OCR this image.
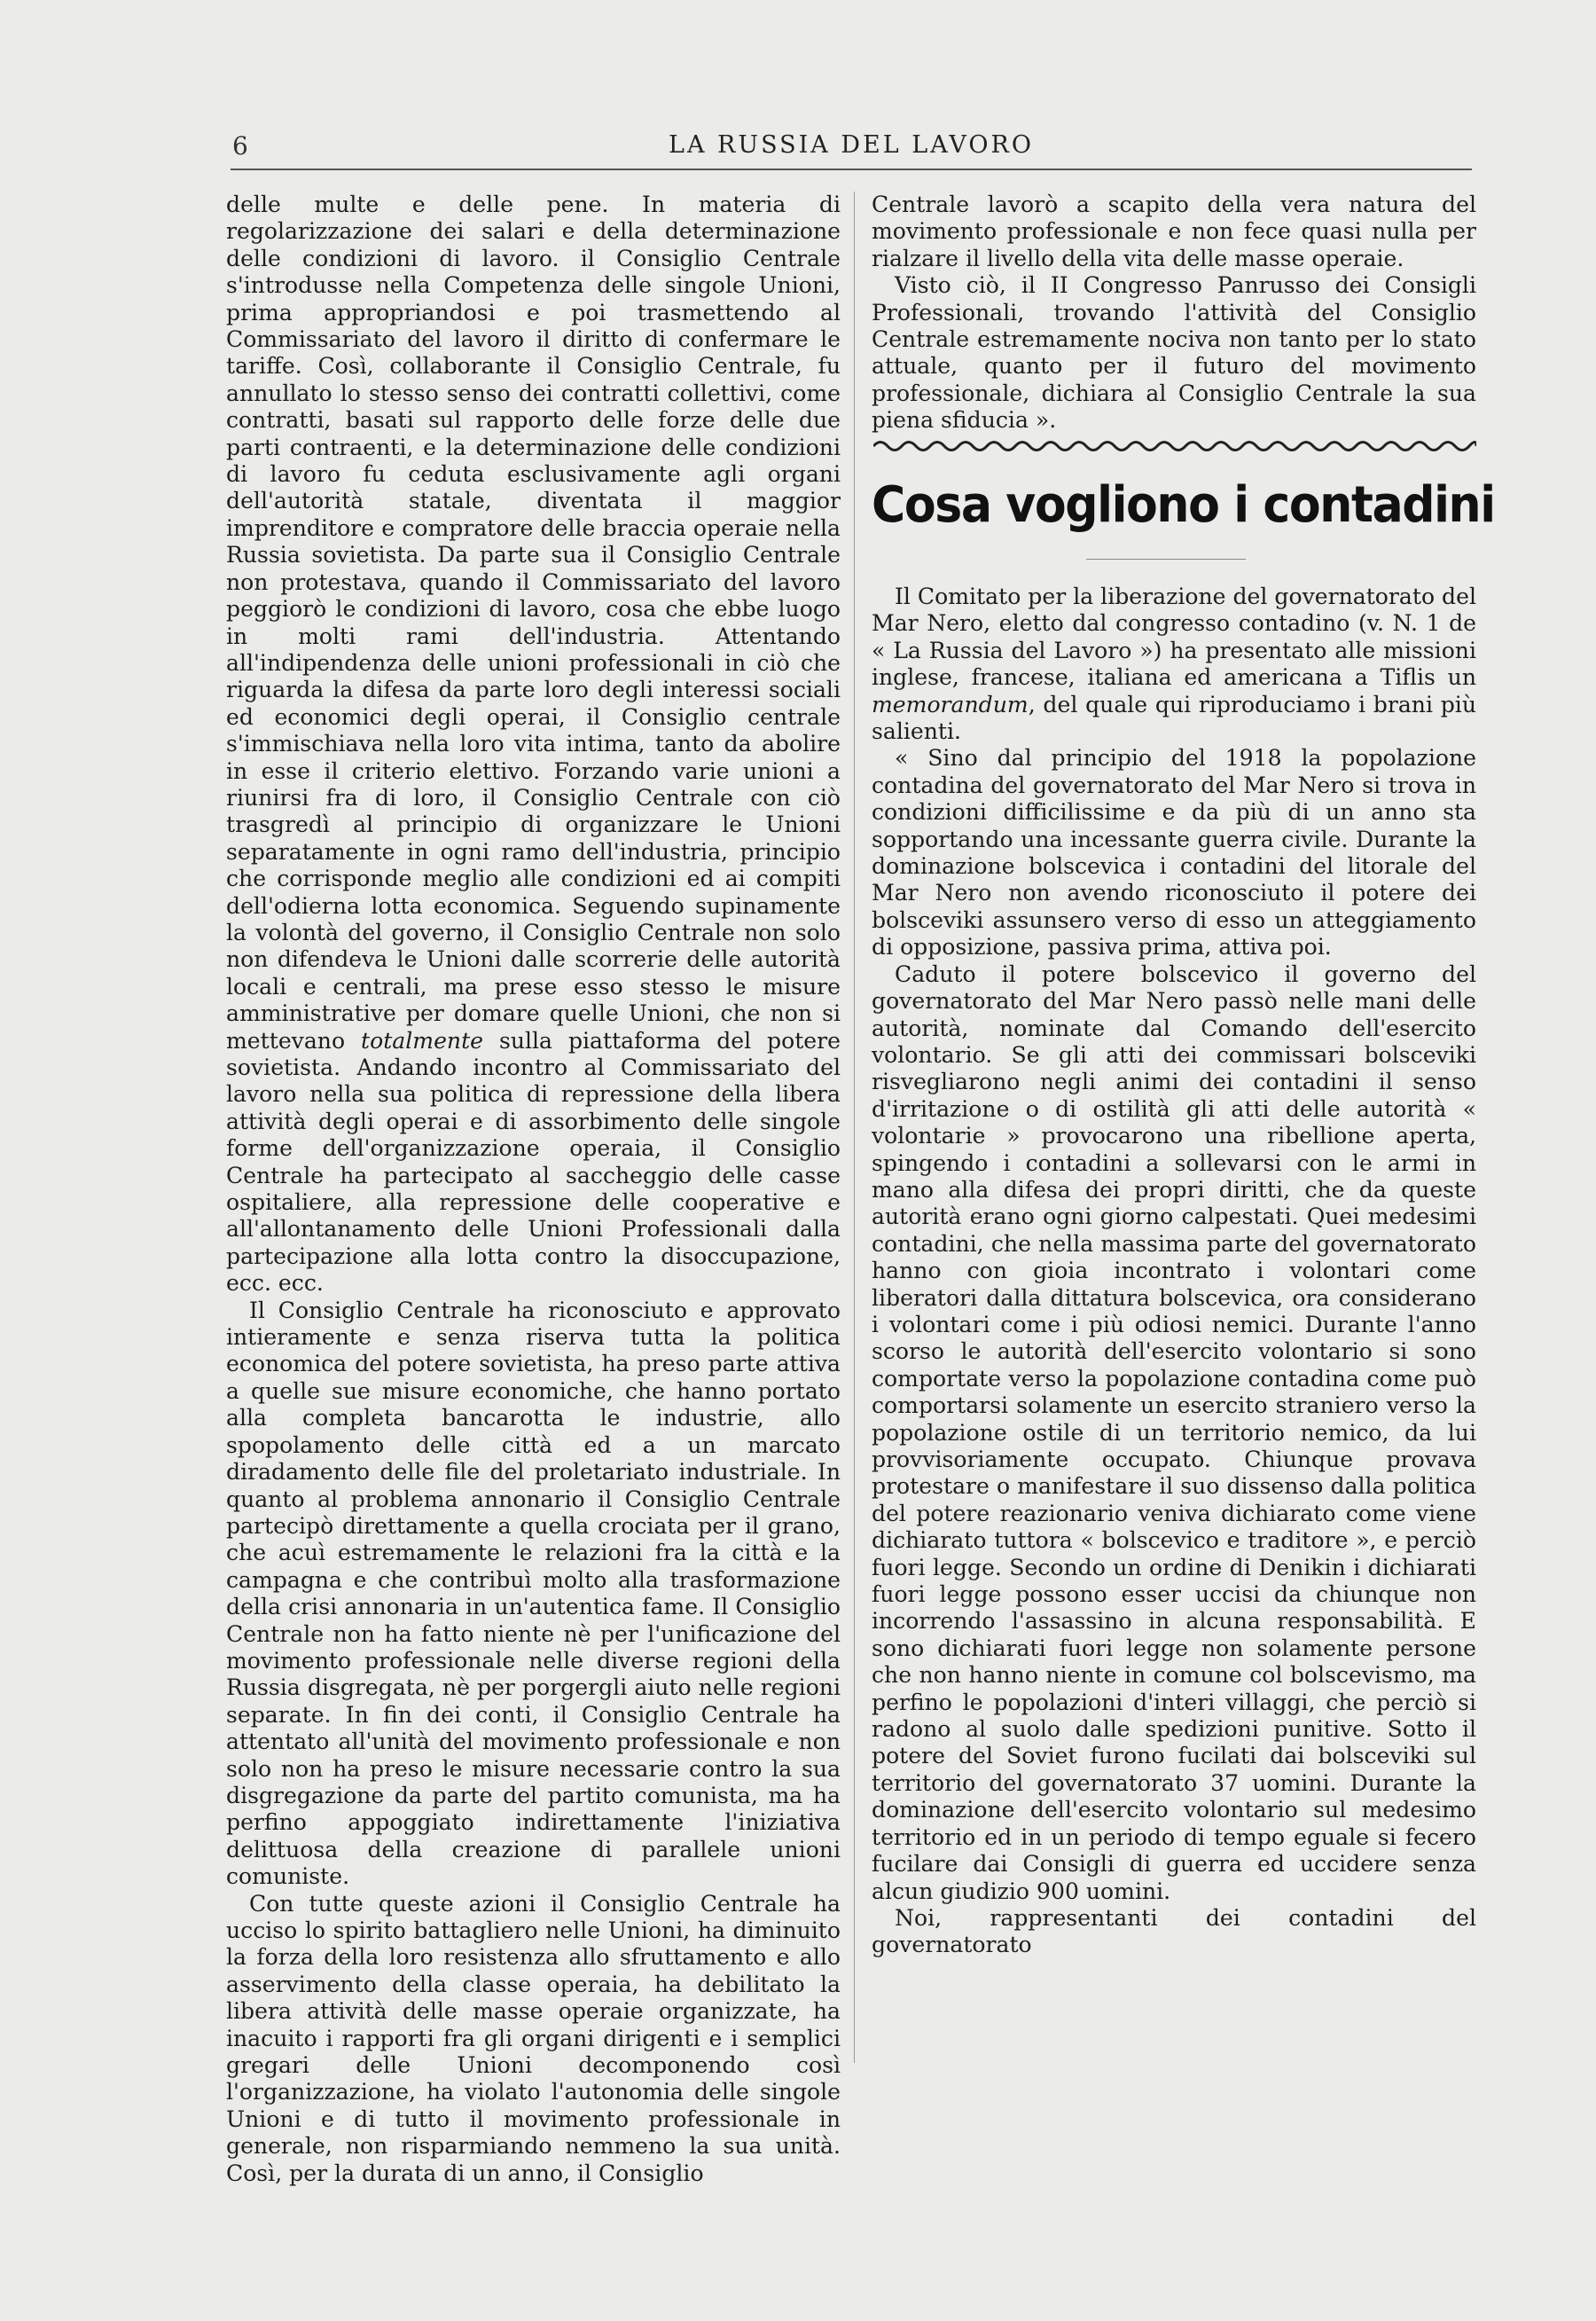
6	LA RUSSIA DEL LAVORO

delle multe e delle pene. In materia di regolarizzazione dei salari e della determinazione delle condizioni di lavoro. il Consiglio Centrale s'introdusse nella Competenza delle singole Unioni, prima appropriandosi e poi trasmettendo al Commissariato del lavoro il diritto di confermare le tariffe. Così, collaborante il Consiglio Centrale, fu annullato lo stesso senso dei contratti collettivi, come contratti, basati sul rapporto delle forze delle due parti contraenti, e la determinazione delle condizioni di lavoro fu ceduta esclusivamente agli organi dell'autorità statale, diventata il maggior imprenditore e compratore delle braccia operaie nella Russia sovietista. Da parte sua il Consiglio Centrale non protestava, quando il Commissariato del lavoro peggiorò le condizioni di lavoro, cosa che ebbe luogo in molti rami dell'industria. Attentando all'indipendenza delle unioni professionali in ciò che riguarda la difesa da parte loro degli interessi sociali ed economici degli operai, il Consiglio centrale s'immischiava nella loro vita intima, tanto da abolire in esse il criterio elettivo. Forzando varie unioni a riunirsi fra di loro, il Consiglio Centrale con ciò trasgredì al principio di organizzare le Unioni separatamente in ogni ramo dell'industria, principio che corrisponde meglio alle condizioni ed ai compiti dell'odierna lotta economica. Seguendo supinamente la volontà del governo, il Consiglio Centrale non solo non difendeva le Unioni dalle scorrerie delle autorità locali e centrali, ma prese esso stesso le misure amministrative per domare quelle Unioni, che non si mettevano totalmente sulla piattaforma del potere sovietista. Andando incontro al Commissariato del lavoro nella sua politica di repressione della libera attività degli operai e di assorbimento delle singole forme dell'organizzazione operaia, il Consiglio Centrale ha partecipato al saccheggio delle casse ospitaliere, alla repressione delle cooperative e all'allontanamento delle Unioni Professionali dalla partecipazione alla lotta contro la disoccupazione, ecc. ecc.

Il Consiglio Centrale ha riconosciuto e approvato intieramente e senza riserva tutta la politica economica del potere sovietista, ha preso parte attiva a quelle sue misure economiche, che hanno portato alla completa bancarotta le industrie, allo spopolamento delle città ed a un marcato diradamento delle file del proletariato industriale. In quanto al problema annonario il Consiglio Centrale partecipò direttamente a quella crociata per il grano, che acuì estremamente le relazioni fra la città e la campagna e che contribuì molto alla trasformazione della crisi annonaria in un'autentica fame. Il Consiglio Centrale non ha fatto niente nè per l'unificazione del movimento professionale nelle diverse regioni della Russia disgregata, nè per porgergli aiuto nelle regioni separate. In fin dei conti, il Consiglio Centrale ha attentato all'unità del movimento professionale e non solo non ha preso le misure necessarie contro la sua disgregazione da parte del partito comunista, ma ha perfino appoggiato indirettamente l'iniziativa delittuosa della creazione di parallele unioni comuniste.

Con tutte queste azioni il Consiglio Centrale ha ucciso lo spirito battagliero nelle Unioni, ha diminuito la forza della loro resistenza allo sfruttamento e allo asservimento della classe operaia, ha debilitato la libera attività delle masse operaie organizzate, ha inacuito i rapporti fra gli organi dirigenti e i semplici gregari delle Unioni decomponendo così l'organizzazione, ha violato l'autonomia delle singole Unioni e di tutto il movimento professionale in generale, non risparmiando nemmeno la sua unità. Così, per la durata di un anno, il Consiglio

Centrale lavorò a scapito della vera natura del movimento professionale e non fece quasi nulla per rialzare il livello della vita delle masse operaie.

Visto ciò, il II Congresso Panrusso dei Consigli Professionali, trovando l'attività del Consiglio Centrale estremamente nociva non tanto per lo stato attuale, quanto per il futuro del movimento professionale, dichiara al Consiglio Centrale la sua piena sfiducia ».

Cosa vogliono i contadini

Il Comitato per la liberazione del governatorato del Mar Nero, eletto dal congresso contadino (v. N. 1 de « La Russia del Lavoro ») ha presentato alle missioni inglese, francese, italiana ed americana a Tiflis un memorandum, del quale qui riproduciamo i brani più salienti.

« Sino dal principio del 1918 la popolazione contadina del governatorato del Mar Nero si trova in condizioni difficilissime e da più di un anno sta sopportando una incessante guerra civile. Durante la dominazione bolscevica i contadini del litorale del Mar Nero non avendo riconosciuto il potere dei bolsceviki assunsero verso di esso un atteggiamento di opposizione, passiva prima, attiva poi.

Caduto il potere bolscevico il governo del governatorato del Mar Nero passò nelle mani delle autorità, nominate dal Comando dell'esercito volontario. Se gli atti dei commissari bolsceviki risvegliarono negli animi dei contadini il senso d'irritazione o di ostilità gli atti delle autorità « volontarie » provocarono una ribellione aperta, spingendo i contadini a sollevarsi con le armi in mano alla difesa dei propri diritti, che da queste autorità erano ogni giorno calpestati. Quei medesimi contadini, che nella massima parte del governatorato hanno con gioia incontrato i volontari come liberatori dalla dittatura bolscevica, ora considerano i volontari come i più odiosi nemici. Durante l'anno scorso le autorità dell'esercito volontario si sono comportate verso la popolazione contadina come può comportarsi solamente un esercito straniero verso la popolazione ostile di un territorio nemico, da lui provvisoriamente occupato. Chiunque provava protestare o manifestare il suo dissenso dalla politica del potere reazionario veniva dichiarato come viene dichiarato tuttora « bolscevico e traditore », e perciò fuori legge. Secondo un ordine di Denikin i dichiarati fuori legge possono esser uccisi da chiunque non incorrendo l'assassino in alcuna responsabilità. E sono dichiarati fuori legge non solamente persone che non hanno niente in comune col bolscevismo, ma perfino le popolazioni d'interi villaggi, che perciò si radono al suolo dalle spedizioni punitive. Sotto il potere del Soviet furono fucilati dai bolsceviki sul territorio del governatorato 37 uomini. Durante la dominazione dell'esercito volontario sul medesimo territorio ed in un periodo di tempo eguale si fecero fucilare dai Consigli di guerra ed uccidere senza alcun giudizio 900 uomini.

Noi, rappresentanti dei contadini del governatorato
